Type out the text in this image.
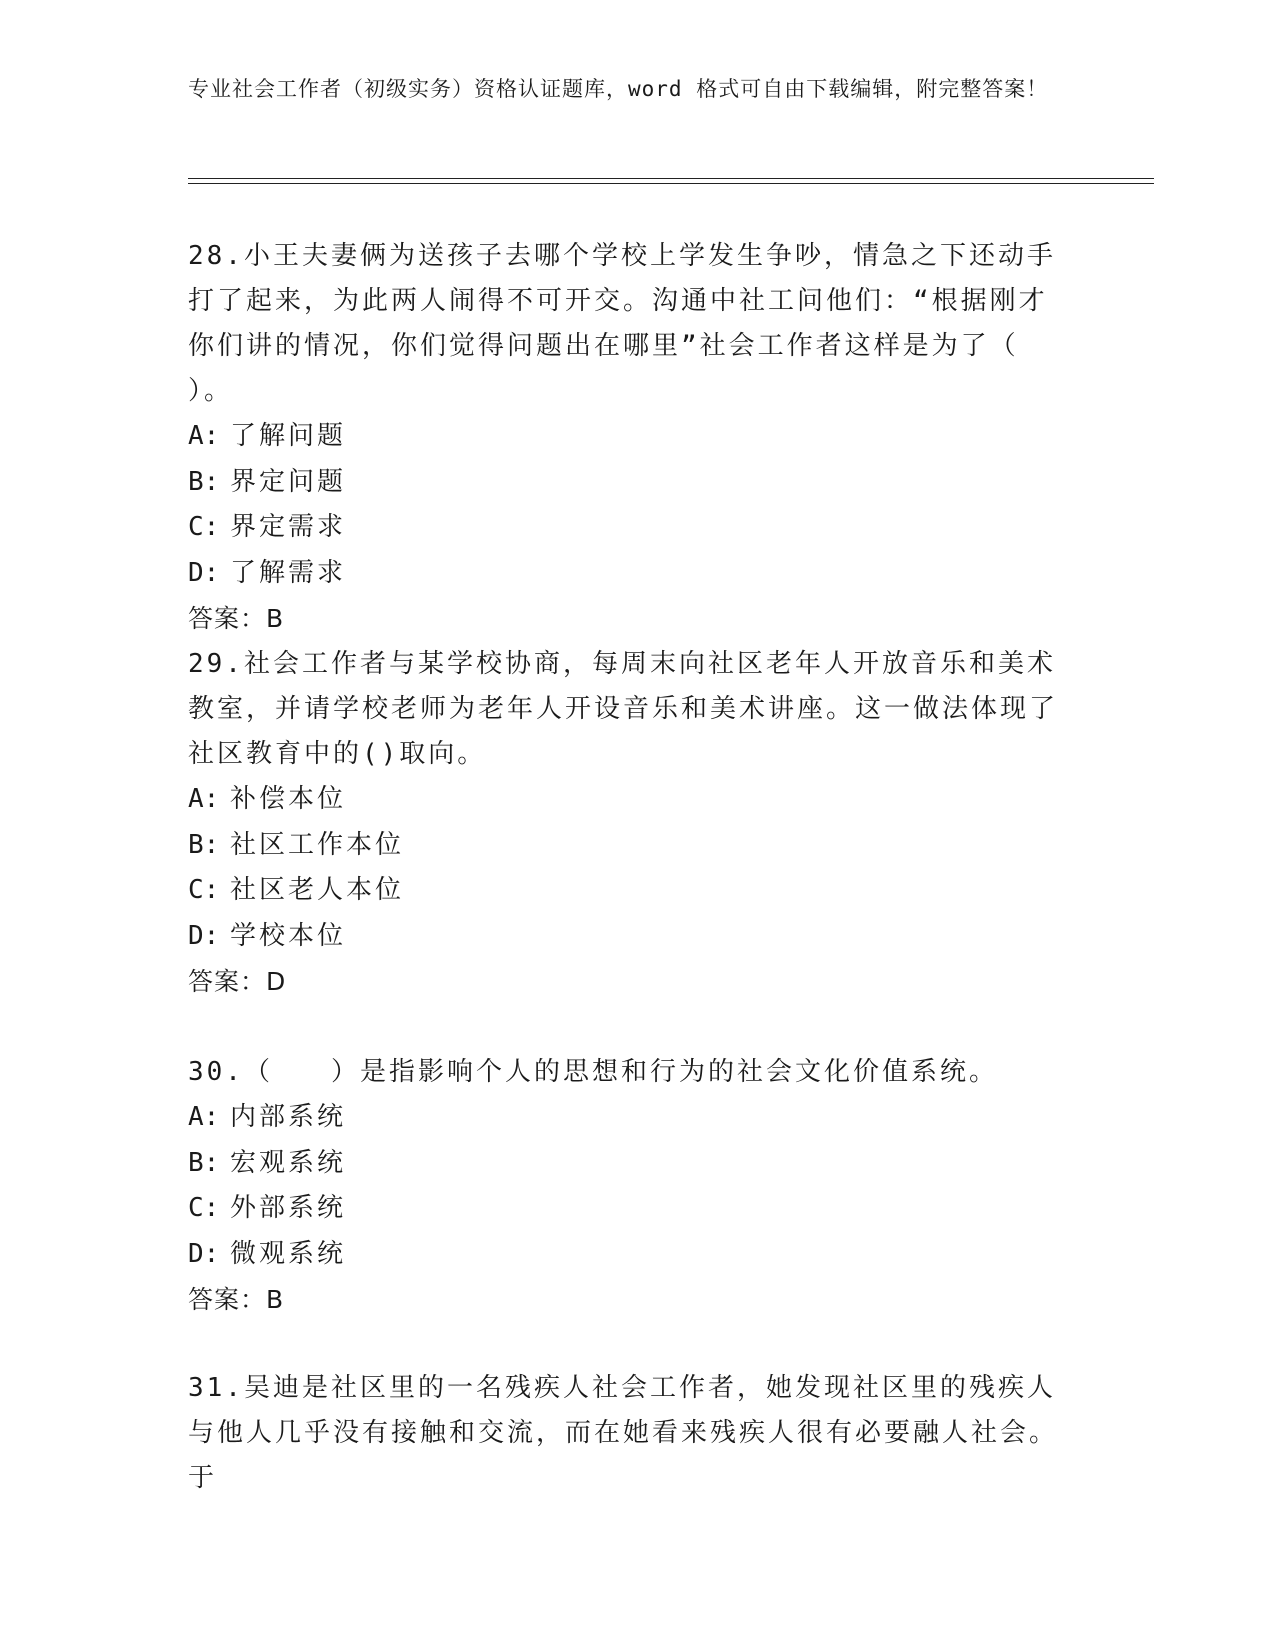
专业社会工作者（初级实务）资格认证题库，word 格式可自由下载编辑，附完整答案！

28.小王夫妻俩为送孩子去哪个学校上学发生争吵，情急之下还动手打了起来，为此两人闹得不可开交。沟通中社工问他们：“根据刚才你们讲的情况，你们觉得问题出在哪里”社会工作者这样是为了（ ）。

A: 了解问题

B: 界定问题

C: 界定需求

D: 了解需求

答案：B

29.社会工作者与某学校协商，每周末向社区老年人开放音乐和美术教室，并请学校老师为老年人开设音乐和美术讲座。这一做法体现了社区教育中的()取向。

A: 补偿本位

B: 社区工作本位

C: 社区老人本位

D: 学校本位

答案：D

30.（　　）是指影响个人的思想和行为的社会文化价值系统。

A: 内部系统

B: 宏观系统

C: 外部系统

D: 微观系统

答案：B

31.吴迪是社区里的一名残疾人社会工作者，她发现社区里的残疾人与他人几乎没有接触和交流，而在她看来残疾人很有必要融人社会。于
